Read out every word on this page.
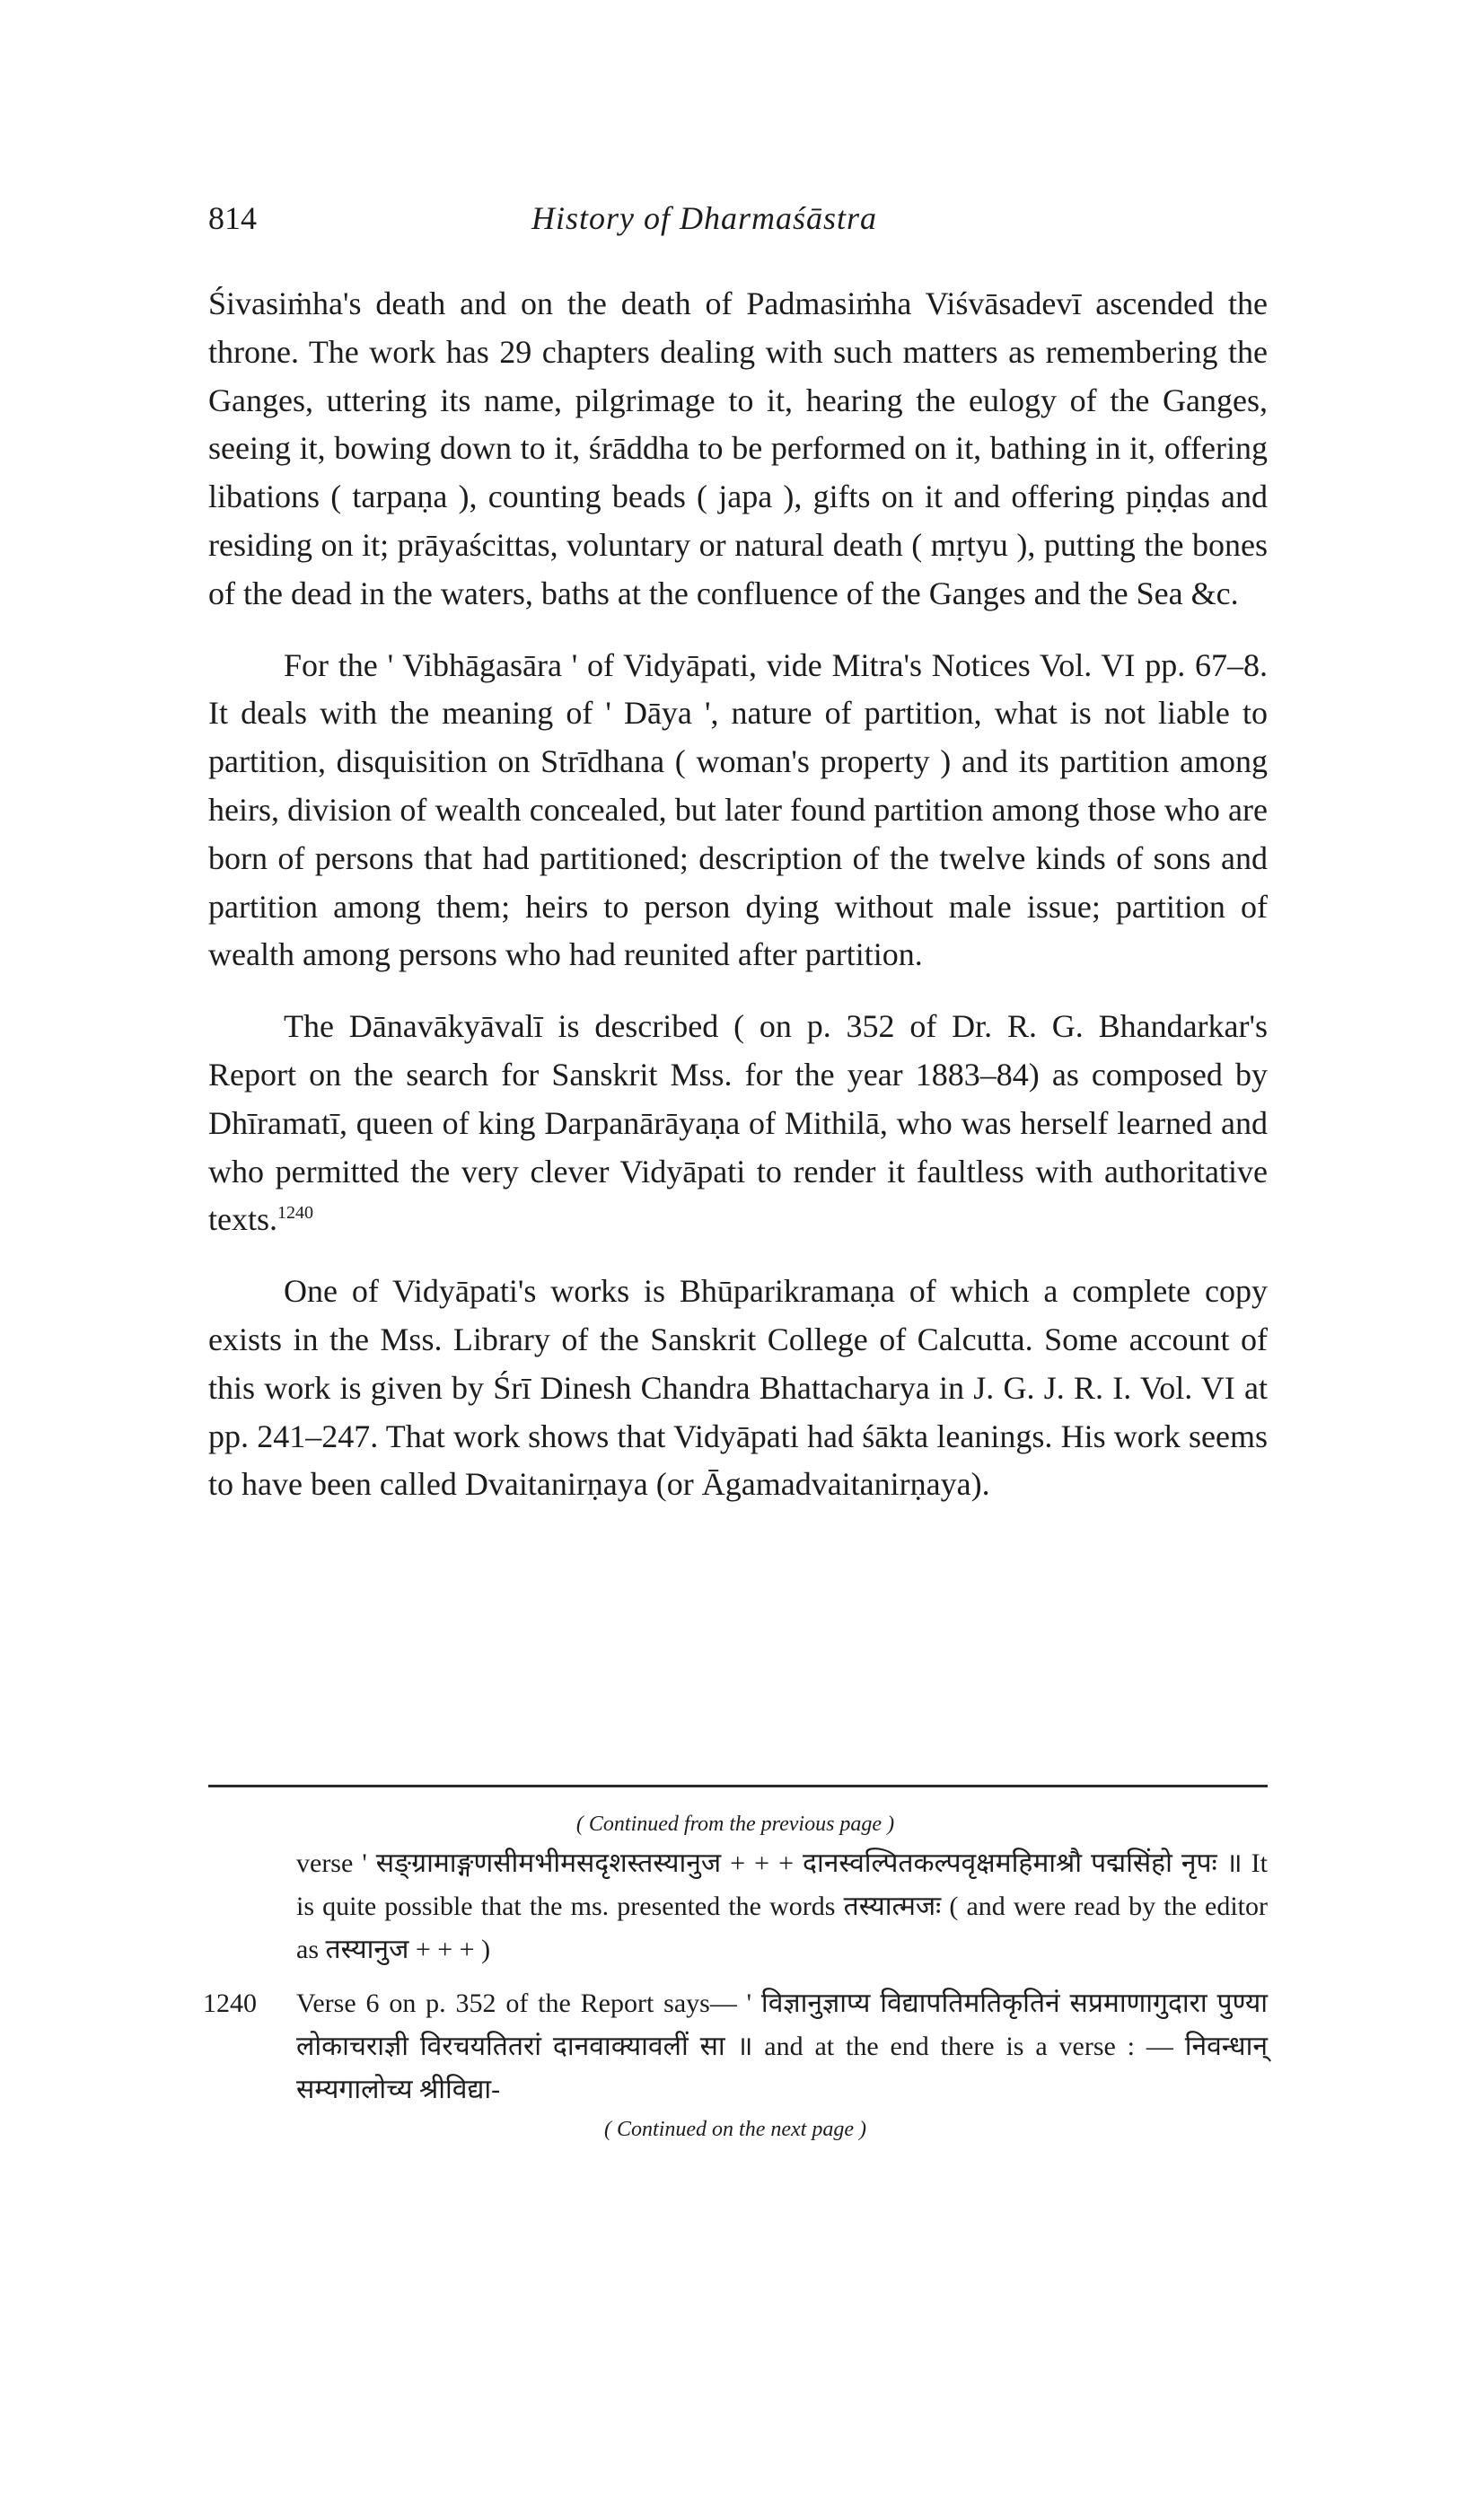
814	History of Dharmaśāstra

Śivasiṁha's death and on the death of Padmasiṁha Viśvāsadevī ascended the throne. The work has 29 chapters dealing with such matters as remembering the Ganges, uttering its name, pilgrimage to it, hearing the eulogy of the Ganges, seeing it, bowing down to it, śrāddha to be performed on it, bathing in it, offering libations ( tarpaṇa ), counting beads ( japa ), gifts on it and offering piṇḍas and residing on it; prāyaścittas, voluntary or natural death ( mṛtyu ), putting the bones of the dead in the waters, baths at the confluence of the Ganges and the Sea &c.

For the ' Vibhāgasāra ' of Vidyāpati, vide Mitra's Notices Vol. VI pp. 67–8. It deals with the meaning of ' Dāya ', nature of partition, what is not liable to partition, disquisition on Strīdhana ( woman's property ) and its partition among heirs, division of wealth concealed, but later found partition among those who are born of persons that had partitioned; description of the twelve kinds of sons and partition among them; heirs to person dying without male issue; partition of wealth among persons who had reunited after partition.

The Dānavākyāvalī is described ( on p. 352 of Dr. R. G. Bhandarkar's Report on the search for Sanskrit Mss. for the year 1883–84) as composed by Dhīramatī, queen of king Darpanārāyaṇa of Mithilā, who was herself learned and who permitted the very clever Vidyāpati to render it faultless with authoritative texts.$^{1240}$

One of Vidyāpati's works is Bhūparikramaṇa of which a complete copy exists in the Mss. Library of the Sanskrit College of Calcutta. Some account of this work is given by Śrī Dinesh Chandra Bhattacharya in J. G. J. R. I. Vol. VI at pp. 241–247. That work shows that Vidyāpati had śākta leanings. His work seems to have been called Dvaitanirṇaya (or Āgamadvaitanirṇaya).

( Continued from the previous page )

verse ' सङ्ग्रामाङ्गणसीमभीमसदृशस्तस्यानुज + + + दानस्वल्पितकल्पवृक्षमहिमाश्रौ पद्मसिंहो नृपः ॥ It is quite possible that the ms. presented the words तस्यात्मजः ( and were read by the editor as तस्यानुज + + + )

1240 Verse 6 on p. 352 of the Report says— ' विज्ञानुज्ञाप्य विद्यापतिमतिकृतिनं सप्रमाणागुदारा पुण्या लोकाचराज्ञी विरचयतितरां दानवाक्यावलीं सा ॥ and at the end there is a verse : — निवन्धान् सम्यगालोच्य श्रीविद्या-

( Continued on the next page )
